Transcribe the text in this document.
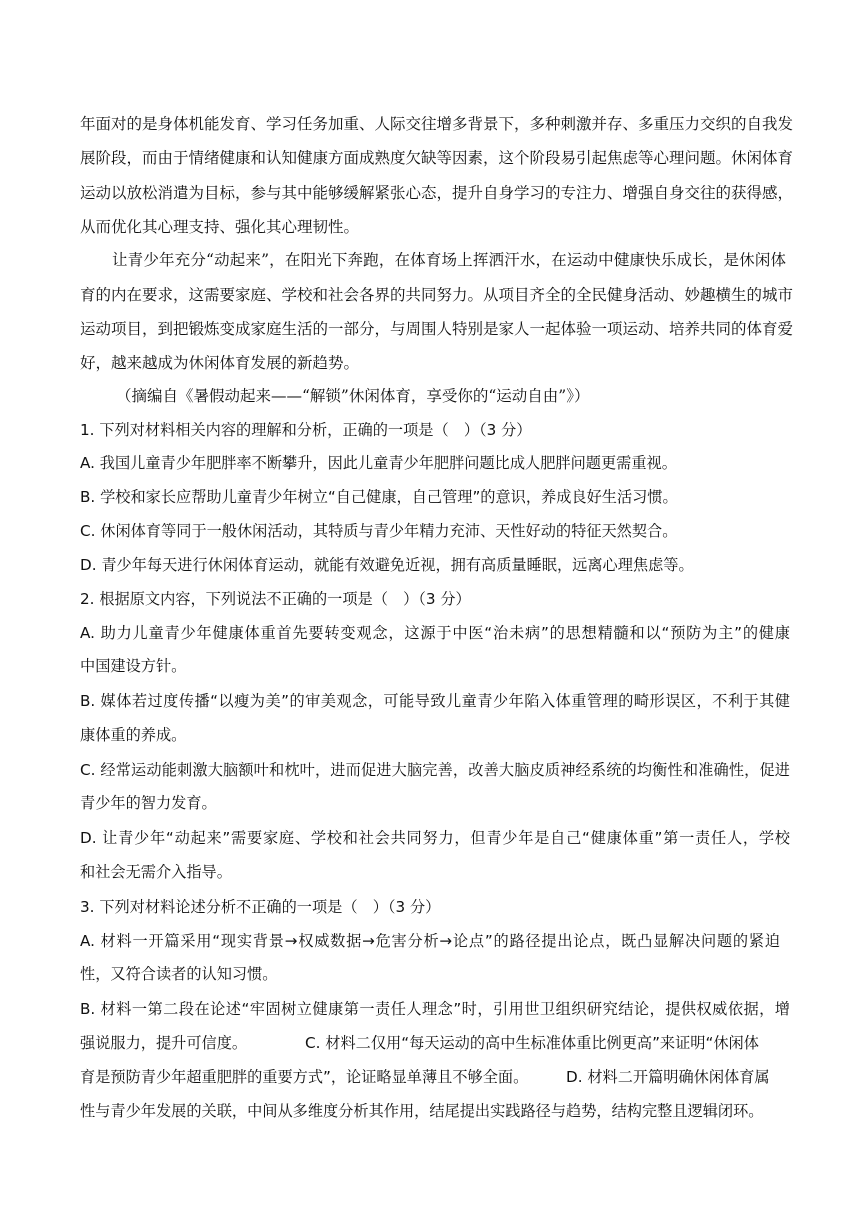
年面对的是身体机能发育、学习任务加重、人际交往增多背景下，多种刺激并存、多重压力交织的自我发
展阶段，而由于情绪健康和认知健康方面成熟度欠缺等因素，这个阶段易引起焦虑等心理问题。休闲体育
运动以放松消遣为目标，参与其中能够缓解紧张心态，提升自身学习的专注力、增强自身交往的获得感，
从而优化其心理支持、强化其心理韧性。
让青少年充分“动起来”，在阳光下奔跑，在体育场上挥洒汗水，在运动中健康快乐成长，是休闲体
育的内在要求，这需要家庭、学校和社会各界的共同努力。从项目齐全的全民健身活动、妙趣横生的城市
运动项目，到把锻炼变成家庭生活的一部分，与周围人特别是家人一起体验一项运动、培养共同的体育爱
好，越来越成为休闲体育发展的新趋势。
（摘编自《暑假动起来——“解锁”休闲体育，享受你的“运动自由”》）
1. 下列对材料相关内容的理解和分析，正确的一项是（　）（3 分）
A. 我国儿童青少年肥胖率不断攀升，因此儿童青少年肥胖问题比成人肥胖问题更需重视。
B. 学校和家长应帮助儿童青少年树立“自己健康，自己管理”的意识，养成良好生活习惯。
C. 休闲体育等同于一般休闲活动，其特质与青少年精力充沛、天性好动的特征天然契合。
D. 青少年每天进行休闲体育运动，就能有效避免近视，拥有高质量睡眠，远离心理焦虑等。
2. 根据原文内容，下列说法不正确的一项是（　）（3 分）
A. 助力儿童青少年健康体重首先要转变观念，这源于中医“治未病”的思想精髓和以“预防为主”的健康
中国建设方针。
B. 媒体若过度传播“以瘦为美”的审美观念，可能导致儿童青少年陷入体重管理的畸形误区，不利于其健
康体重的养成。
C. 经常运动能刺激大脑额叶和枕叶，进而促进大脑完善，改善大脑皮质神经系统的均衡性和准确性，促进
青少年的智力发育。
D. 让青少年“动起来”需要家庭、学校和社会共同努力，但青少年是自己“健康体重”第一责任人，学校
和社会无需介入指导。
3. 下列对材料论述分析不正确的一项是（　）（3 分）
A. 材料一开篇采用“现实背景→权威数据→危害分析→论点”的路径提出论点，既凸显解决问题的紧迫
性，又符合读者的认知习惯。
B. 材料一第二段在论述“牢固树立健康第一责任人理念”时，引用世卫组织研究结论，提供权威依据，增
强说服力，提升可信度。	C. 材料二仅用“每天运动的高中生标准体重比例更高”来证明“休闲体
育是预防青少年超重肥胖的重要方式”，论证略显单薄且不够全面。 D. 材料二开篇明确休闲体育属
性与青少年发展的关联，中间从多维度分析其作用，结尾提出实践路径与趋势，结构完整且逻辑闭环。
